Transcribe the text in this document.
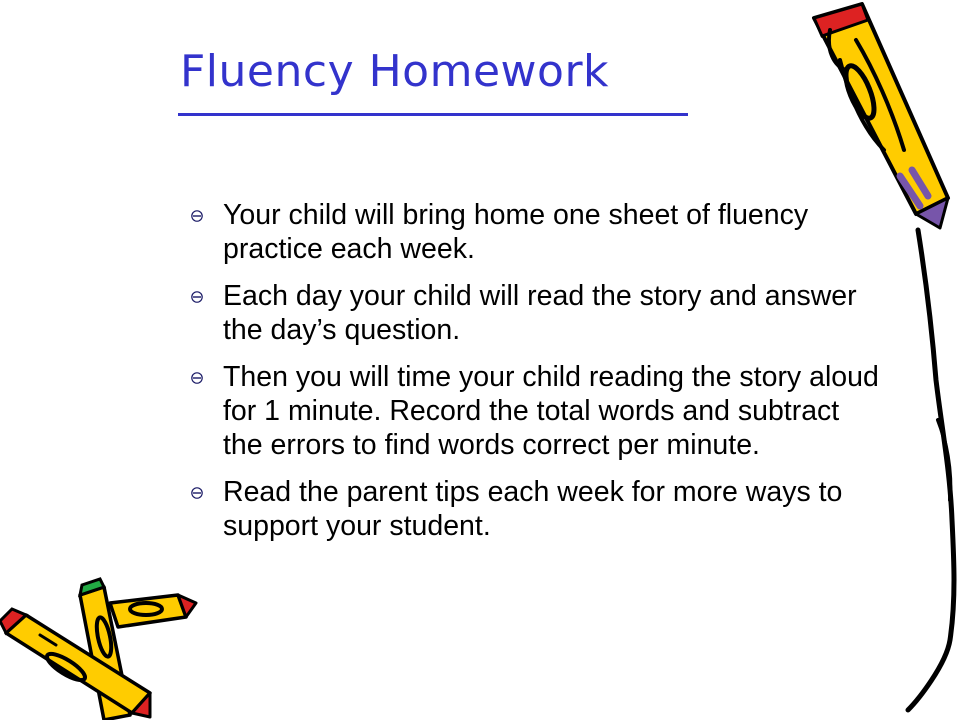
Fluency Homework
Your child will bring home one sheet of fluency practice each week.
Each day your child will read the story and answer the day’s question.
Then you will time your child reading the story aloud for 1 minute. Record the total words and subtract the errors to find words correct per minute.
Read the parent tips each week for more ways to support your student.
